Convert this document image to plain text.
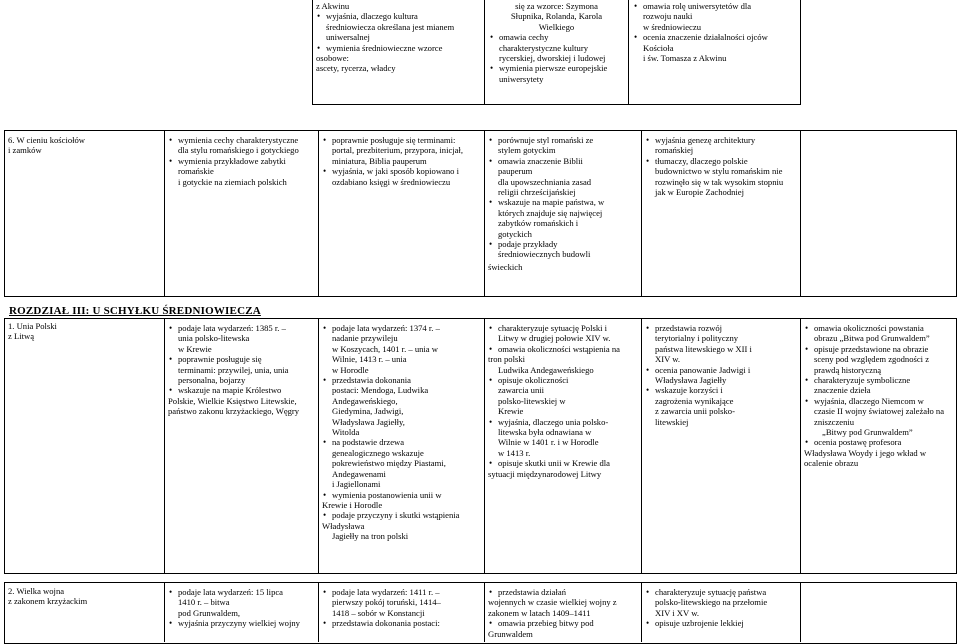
z Akwinu
• wyjaśnia, dlaczego kultura
średniowiecza określana jest mianem
uniwersalnej
• wymienia średniowieczne wzorce
osobowe:
ascety, rycerza, władcy
się za wzorce: Szymona
Słupnika, Rolanda, Karola
Wielkiego
• omawia cechy
charakterystyczne kultury
rycerskiej, dworskiej i ludowej
• wymienia pierwsze europejskie
uniwersytety
• omawia rolę uniwersytetów dla
rozwoju nauki
w średniowieczu
• ocenia znaczenie działalności ojców
Kościoła
i św. Tomasza z Akwinu
6. W cieniu kościołów
i zamków
• wymienia cechy charakterystyczne
dla stylu romańskiego i gotyckiego
• wymienia przykładowe zabytki
romańskie
i gotyckie na ziemiach polskich
• poprawnie posługuje się terminami:
portal, prezbiterium, przypora, inicjał,
miniatura, Biblia pauperum
• wyjaśnia, w jaki sposób kopiowano i
ozdabiano księgi w średniowieczu
• porównuje styl romański ze
stylem gotyckim
• omawia znaczenie Biblii
pauperum
dla upowszechniania zasad
religii chrześcijańskiej
• wskazuje na mapie państwa, w
których znajduje się najwięcej
zabytków romańskich i
gotyckich
• podaje przykłady
średniowiecznych budowli
świeckich
• wyjaśnia genezę architektury
romańskiej
• tłumaczy, dlaczego polskie
budownictwo w stylu romańskim nie
rozwinęło się w tak wysokim stopniu
jak w Europie Zachodniej
ROZDZIAŁ III: U SCHYŁKU ŚREDNIOWIECZA
1. Unia Polski
z Litwą
• podaje lata wydarzeń: 1385 r. –
unia polsko-litewska
w Krewie
• poprawnie posługuje się
terminami: przywilej, unia, unia
personalna, bojarzy
• wskazuje na mapie Królestwo
Polskie, Wielkie Księstwo Litewskie,
państwo zakonu krzyżackiego, Węgry
• podaje lata wydarzeń: 1374 r. –
nadanie przywileju
w Koszycach, 1401 r. – unia w
Wilnie, 1413 r. – unia
w Horodle
• przedstawia dokonania
postaci: Mendoga, Ludwika
Andegaweńskiego,
Giedymina, Jadwigi,
Władysława Jagiełły,
Witolda
• na podstawie drzewa
genealogicznego wskazuje
pokrewieństwo między Piastami,
Andegawenami
i Jagiellonami
• wymienia postanowienia unii w
Krewie i Horodle
• podaje przyczyny i skutki wstąpienia
Władysława
Jagiełły na tron polski
• charakteryzuje sytuację Polski i
Litwy w drugiej połowie XIV w.
• omawia okoliczności wstąpienia na
tron polski
Ludwika Andegaweńskiego
• opisuje okoliczności
zawarcia unii
polsko-litewskiej w
Krewie
• wyjaśnia, dlaczego unia polsko-
litewska była odnawiana w
Wilnie w 1401 r. i w Horodle
w 1413 r.
• opisuje skutki unii w Krewie dla
sytuacji międzynarodowej Litwy
• przedstawia rozwój
terytorialny i polityczny
państwa litewskiego w XII i
XIV w.
• ocenia panowanie Jadwigi i
Władysława Jagiełły
• wskazuje korzyści i
zagrożenia wynikające
z zawarcia unii polsko-
litewskiej
• omawia okoliczności powstania
obrazu „Bitwa pod Grunwaldem”
• opisuje przedstawione na obrazie
sceny pod względem zgodności z
prawdą historyczną
• charakteryzuje symboliczne
znaczenie dzieła
• wyjaśnia, dlaczego Niemcom w
czasie II wojny światowej zależało na
zniszczeniu
„Bitwy pod Grunwaldem”
• ocenia postawę profesora
Władysława Woydy i jego wkład w
ocalenie obrazu
2. Wielka wojna
z zakonem krzyżackim
• podaje lata wydarzeń: 15 lipca
1410 r. – bitwa
pod Grunwaldem,
• wyjaśnia przyczyny wielkiej wojny
• podaje lata wydarzeń: 1411 r. –
pierwszy pokój toruński, 1414–
1418 – sobór w Konstancji
• przedstawia dokonania postaci:
• przedstawia działań
wojennych w czasie wielkiej wojny z
zakonem w latach 1409–1411
• omawia przebieg bitwy pod
Grunwaldem
• charakteryzuje sytuację państwa
polsko-litewskiego na przełomie
XIV i XV w.
• opisuje uzbrojenie lekkiej
